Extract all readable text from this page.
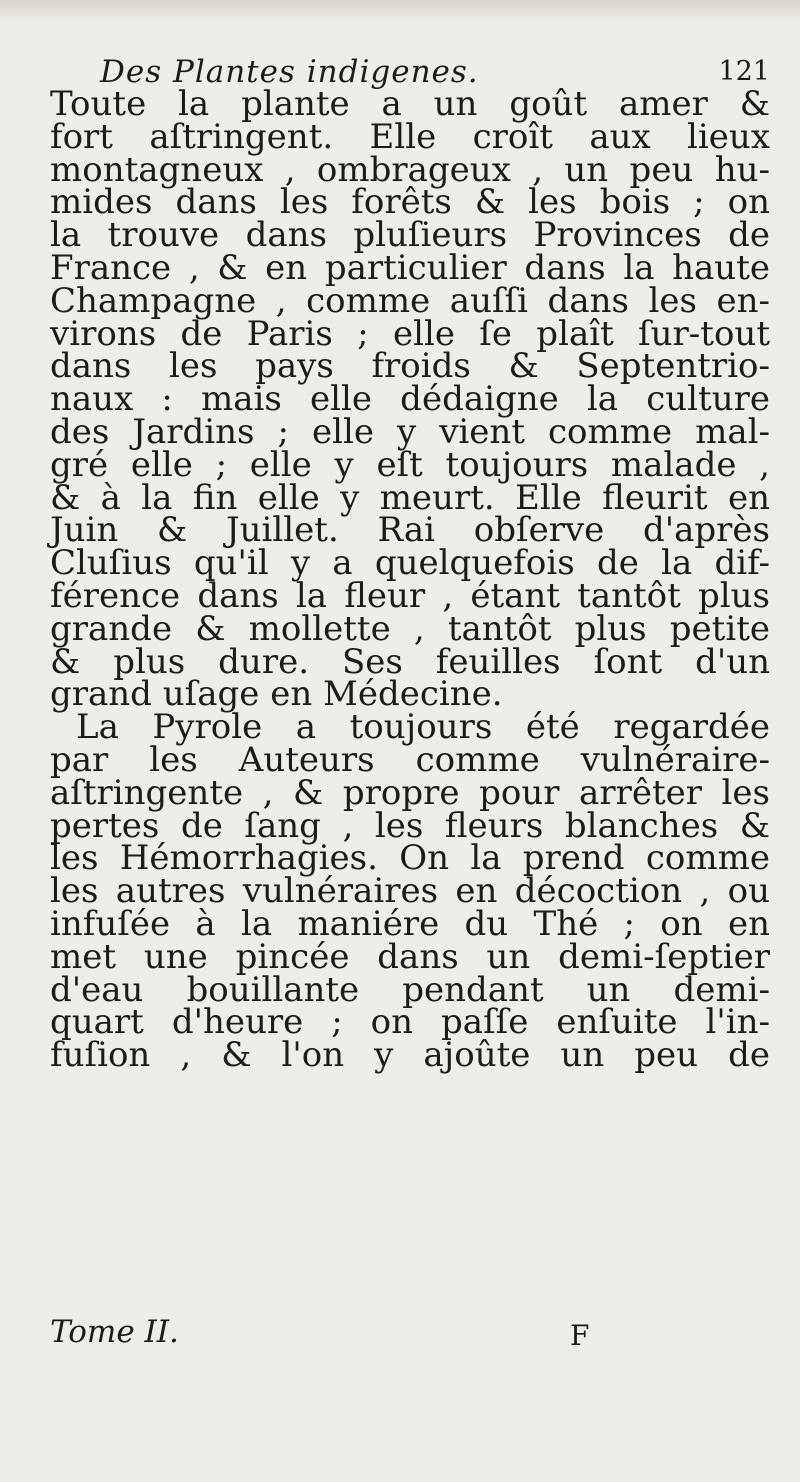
Des Plantes indigenes.	121
Toute la plante a un goût amer &
fort aſtringent. Elle croît aux lieux
montagneux , ombrageux , un peu hu-
mides dans les forêts & les bois ; on
la trouve dans pluſieurs Provinces de
France , & en particulier dans la haute
Champagne , comme auſſi dans les en-
virons de Paris ; elle ſe plaît ſur-tout
dans les pays froids & Septentrio-
naux : mais elle dédaigne la culture
des Jardins ; elle y vient comme mal-
gré elle ; elle y eſt toujours malade ,
& à la fin elle y meurt. Elle fleurit en
Juin & Juillet. Rai obſerve d'après
Cluſius qu'il y a quelquefois de la dif-
férence dans la fleur , étant tantôt plus
grande & mollette , tantôt plus petite
& plus dure. Ses feuilles ſont d'un
grand uſage en Médecine.
La Pyrole a toujours été regardée
par les Auteurs comme vulnéraire-
aſtringente , & propre pour arrêter les
pertes de ſang , les fleurs blanches &
les Hémorrhagies. On la prend comme
les autres vulnéraires en décoction , ou
infuſée à la maniére du Thé ; on en
met une pincée dans un demi-ſeptier
d'eau bouillante pendant un demi-
quart d'heure ; on paſſe enſuite l'in-
fuſion , & l'on y ajoûte un peu de
Tome II.	F
